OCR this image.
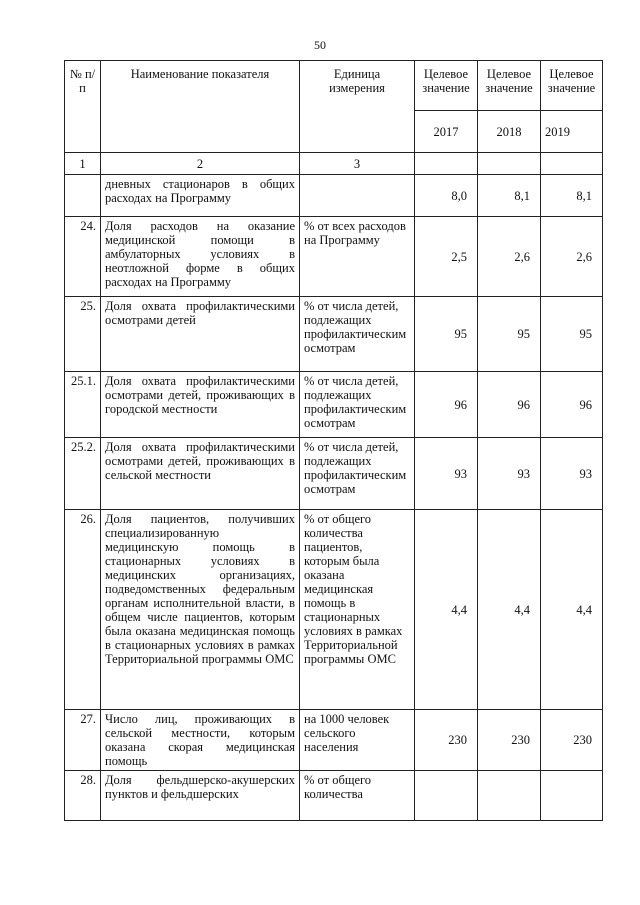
50
№ п/п	Наименование показателя	Единица измерения	Целевое значение	Целевое значение	Целевое значение
			2017	2018	2019
1	2	3			
	дневных стационаров в общих расходах на Программу		8,0	8,1	8,1
24.	Доля расходов на оказание медицинской помощи в амбулаторных условиях в неотложной форме в общих расходах на Программу	% от всех расходов на Программу	2,5	2,6	2,6
25.	Доля охвата профилактическими осмотрами детей	% от числа детей, подлежащих профилактическим осмотрам	95	95	95
25.1.	Доля охвата профилактическими осмотрами детей, проживающих в городской местности	% от числа детей, подлежащих профилактическим осмотрам	96	96	96
25.2.	Доля охвата профилактическими осмотрами детей, проживающих в сельской местности	% от числа детей, подлежащих профилактическим осмотрам	93	93	93
26.	Доля пациентов, получивших специализированную медицинскую помощь в стационарных условиях в медицинских организациях, подведомственных федеральным органам исполнительной власти, в общем числе пациентов, которым была оказана медицинская помощь в стационарных условиях в рамках Территориальной программы ОМС	% от общего количества пациентов, которым была оказана медицинская помощь в стационарных условиях в рамках Территориальной программы ОМС	4,4	4,4	4,4
27.	Число лиц, проживающих в сельской местности, которым оказана скорая медицинская помощь	на 1000 человек сельского населения	230	230	230
28.	Доля фельдшерско-акушерских пунктов и фельдшерских	% от общего количества			
